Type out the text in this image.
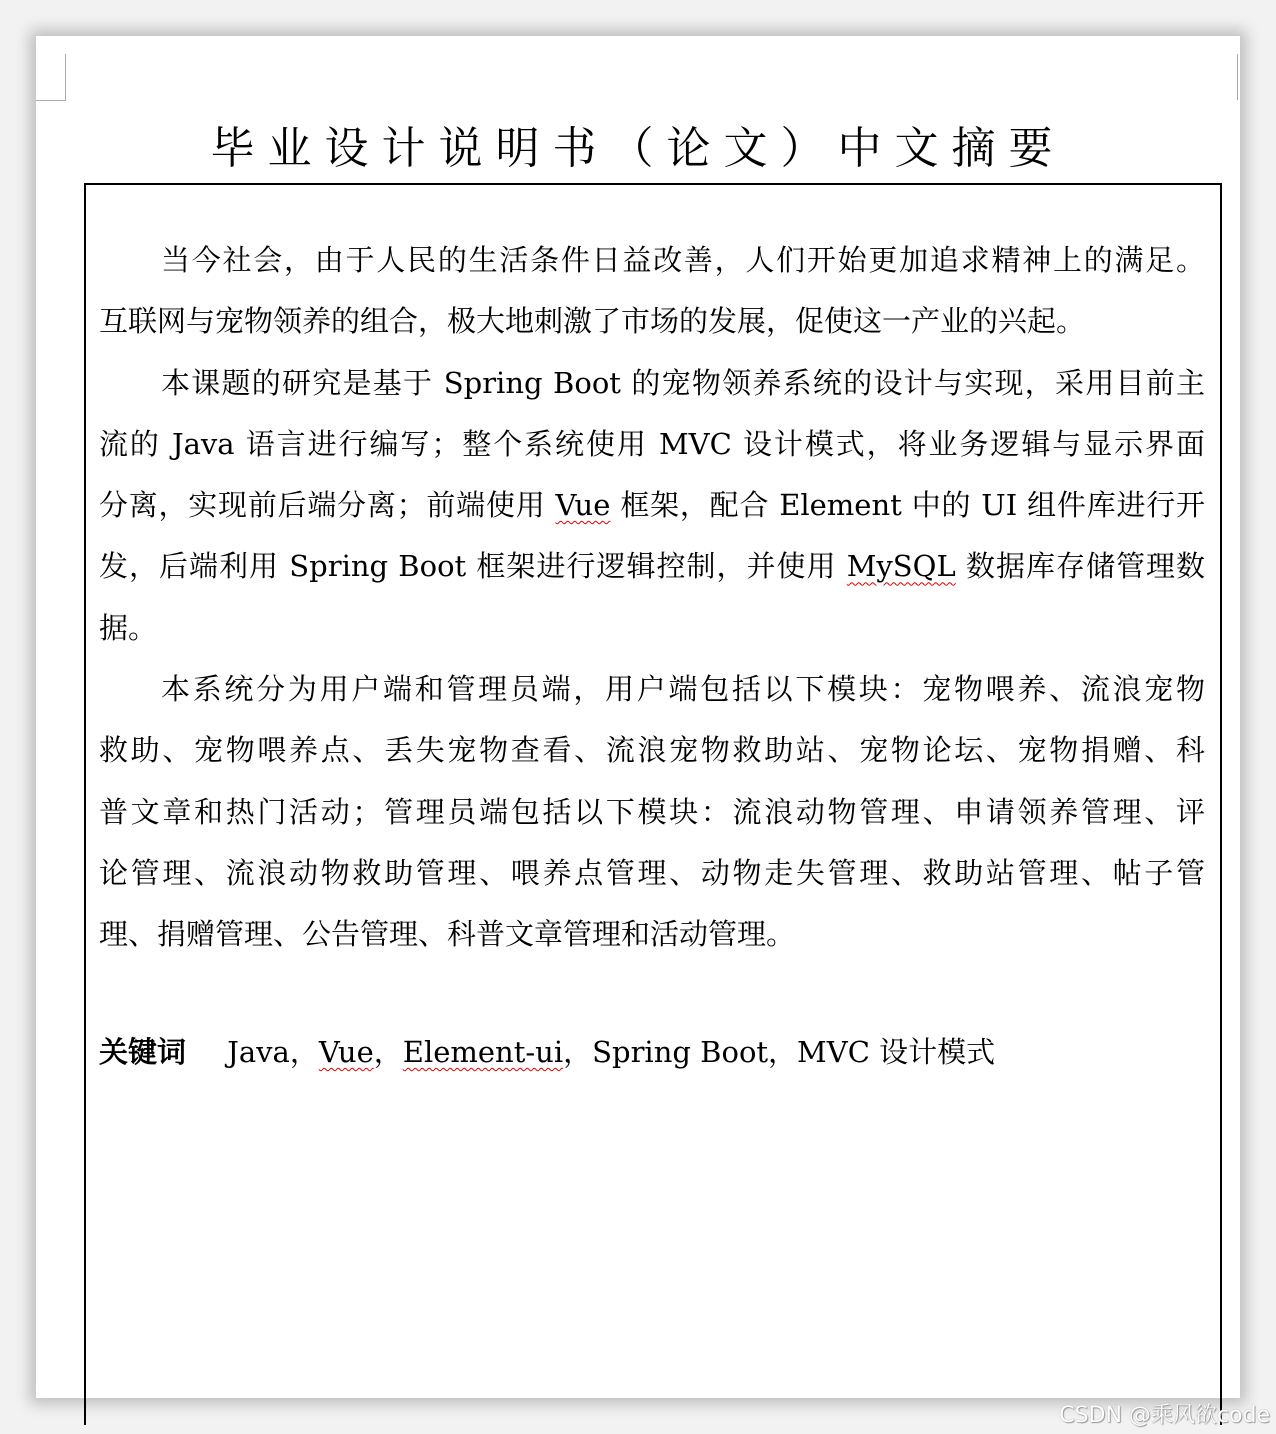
毕业设计说明书（论文）中文摘要
当今社会，由于人民的生活条件日益改善，人们开始更加追求精神上的满足。
互联网与宠物领养的组合，极大地刺激了市场的发展，促使这一产业的兴起。
本课题的研究是基于 Spring Boot 的宠物领养系统的设计与实现，采用目前主
流的 Java 语言进行编写；整个系统使用 MVC 设计模式，将业务逻辑与显示界面
分离，实现前后端分离；前端使用 Vue 框架，配合 Element 中的 UI 组件库进行开
发，后端利用 Spring Boot 框架进行逻辑控制，并使用 MySQL 数据库存储管理数
据。
本系统分为用户端和管理员端，用户端包括以下模块：宠物喂养、流浪宠物
救助、宠物喂养点、丢失宠物查看、流浪宠物救助站、宠物论坛、宠物捐赠、科
普文章和热门活动；管理员端包括以下模块：流浪动物管理、申请领养管理、评
论管理、流浪动物救助管理、喂养点管理、动物走失管理、救助站管理、帖子管
理、捐赠管理、公告管理、科普文章管理和活动管理。
关键词 Java，Vue，Element-ui，Spring Boot，MVC 设计模式
CSDN @乘风欲code
